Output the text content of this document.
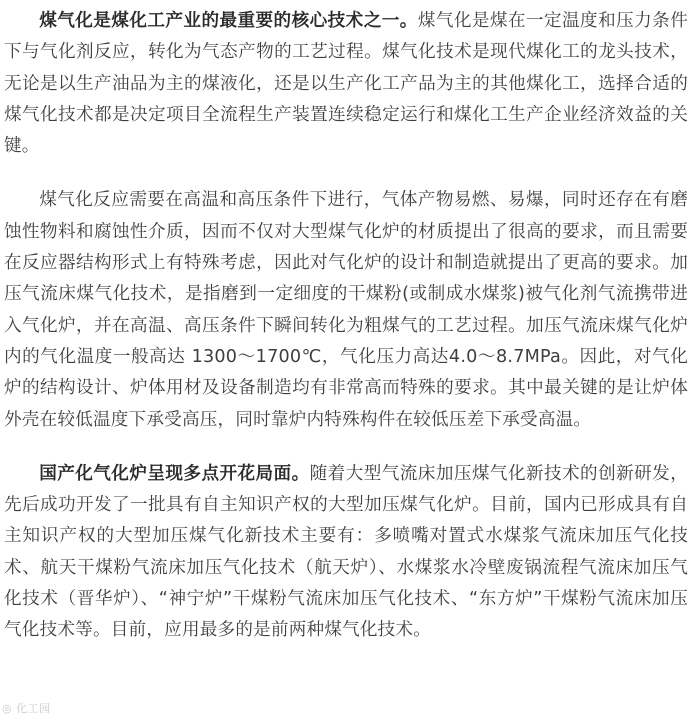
煤气化是煤化工产业的最重要的核心技术之一。煤气化是煤在一定温度和压力条件下与气化剂反应，转化为气态产物的工艺过程。煤气化技术是现代煤化工的龙头技术，无论是以生产油品为主的煤液化，还是以生产化工产品为主的其他煤化工，选择合适的煤气化技术都是决定项目全流程生产装置连续稳定运行和煤化工生产企业经济效益的关键。

煤气化反应需要在高温和高压条件下进行，气体产物易燃、易爆，同时还存在有磨蚀性物料和腐蚀性介质，因而不仅对大型煤气化炉的材质提出了很高的要求，而且需要在反应器结构形式上有特殊考虑，因此对气化炉的设计和制造就提出了更高的要求。加压气流床煤气化技术，是指磨到一定细度的干煤粉(或制成水煤浆)被气化剂气流携带进入气化炉，并在高温、高压条件下瞬间转化为粗煤气的工艺过程。加压气流床煤气化炉内的气化温度一般高达 1300～1700℃，气化压力高达4.0～8.7MPa。因此，对气化炉的结构设计、炉体用材及设备制造均有非常高而特殊的要求。其中最关键的是让炉体外壳在较低温度下承受高压，同时靠炉内特殊构件在较低压差下承受高温。

国产化气化炉呈现多点开花局面。随着大型气流床加压煤气化新技术的创新研发，先后成功开发了一批具有自主知识产权的大型加压煤气化炉。目前，国内已形成具有自主知识产权的大型加压煤气化新技术主要有：多喷嘴对置式水煤浆气流床加压气化技术、航天干煤粉气流床加压气化技术（航天炉）、水煤浆水冷壁废锅流程气流床加压气化技术（晋华炉）、“神宁炉”干煤粉气流床加压气化技术、“东方炉”干煤粉气流床加压气化技术等。目前，应用最多的是前两种煤气化技术。

◎ 化工园
